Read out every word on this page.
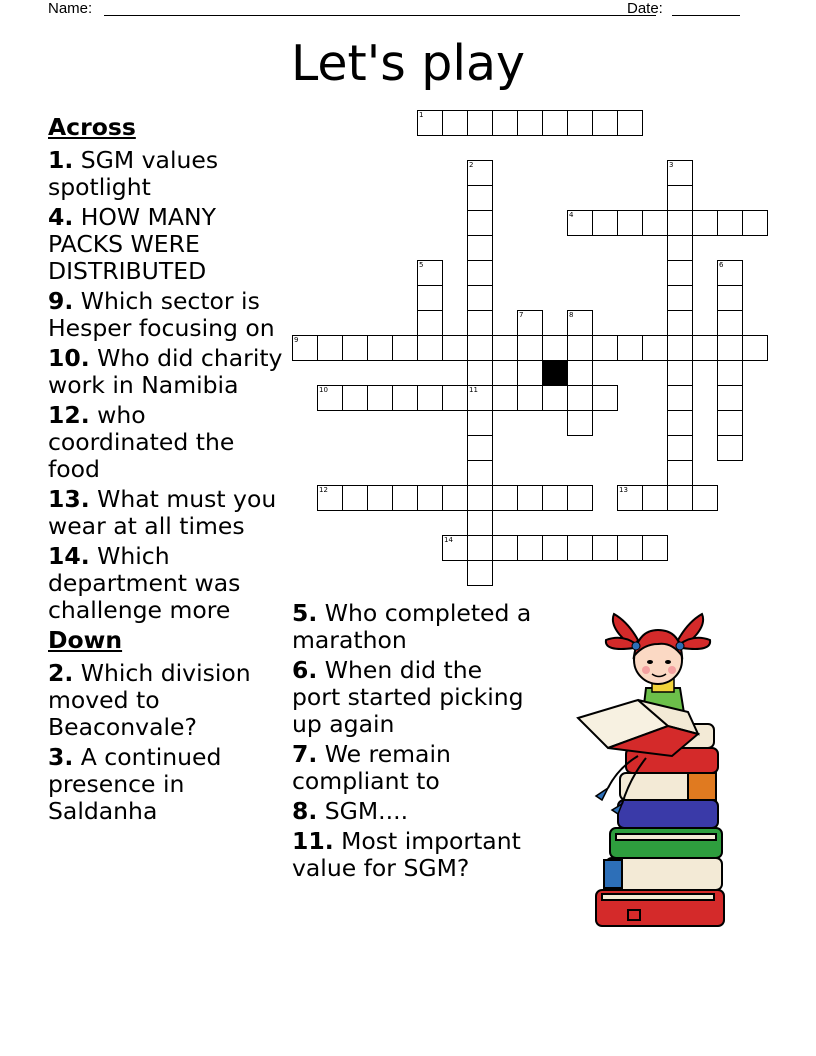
Name:	Date:
Let's play
1
2
11
3
4
5	6
7	8
9
10
12	13
14

Across

1. SGM values spotlight

4. HOW MANY PACKS WERE DISTRIBUTED

9. Which sector is Hesper focusing on

10. Who did charity work in Namibia

12. who coordinated the food

13. What must you wear at all times

14. Which department was challenge more

Down

2. Which division moved to Beaconvale?

3. A continued presence in Saldanha

5. Who completed a marathon

6. When did the port started picking up again

7. We remain compliant to

8. SGM....

11. Most important value for SGM?
